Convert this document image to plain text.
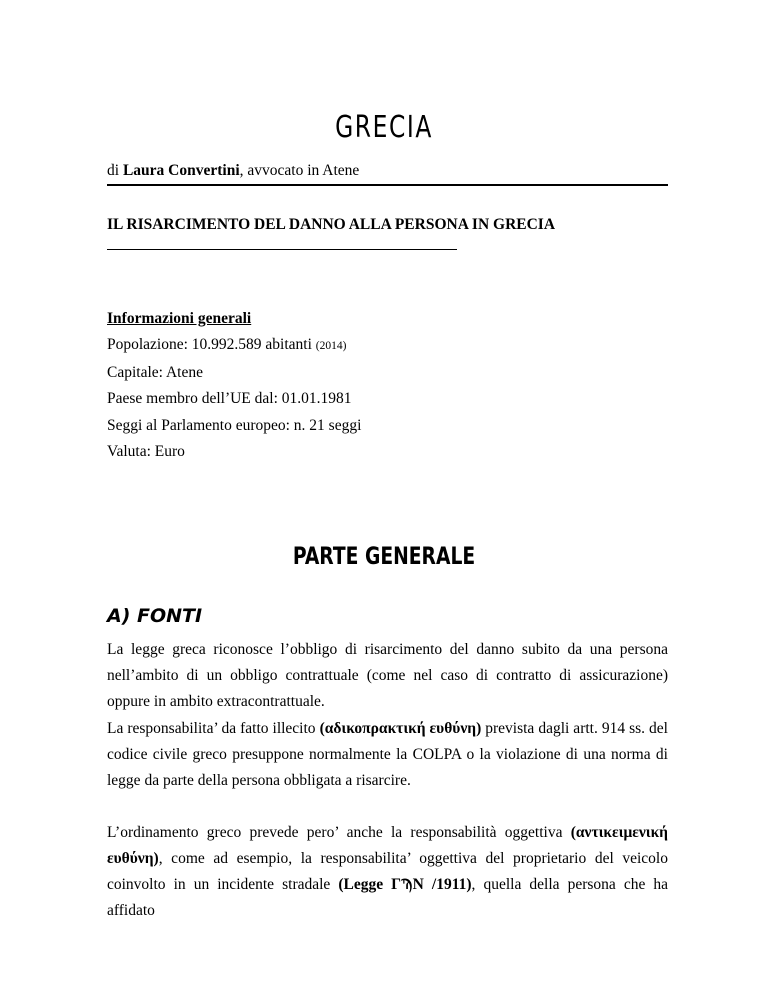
GRECIA
di Laura Convertini, avvocato in Atene
IL RISARCIMENTO DEL DANNO ALLA PERSONA IN GRECIA
Informazioni generali
Popolazione: 10.992.589 abitanti (2014)
Capitale: Atene
Paese membro dell’UE dal: 01.01.1981
Seggi al Parlamento europeo: n. 21 seggi
Valuta: Euro
PARTE GENERALE
A) FONTI

La legge greca riconosce l’obbligo di risarcimento del danno subito da una persona nell’ambito di un obbligo contrattuale (come nel caso di contratto di assicurazione) oppure in ambito extracontrattuale.

La responsabilita’ da fatto illecito (αδικοπρακτική ευθύνη) prevista dagli artt. 914 ss. del codice civile greco presuppone normalmente la COLPA o la violazione di una norma di legge da parte della persona obbligata a risarcire.

L’ordinamento greco prevede pero’ anche la responsabilità oggettiva (αντικειμενική ευθύνη), come ad esempio, la responsabilita’ oggettiva del proprietario del veicolo coinvolto in un incidente stradale (Legge ΓϠΝ /1911), quella della persona che ha affidato
